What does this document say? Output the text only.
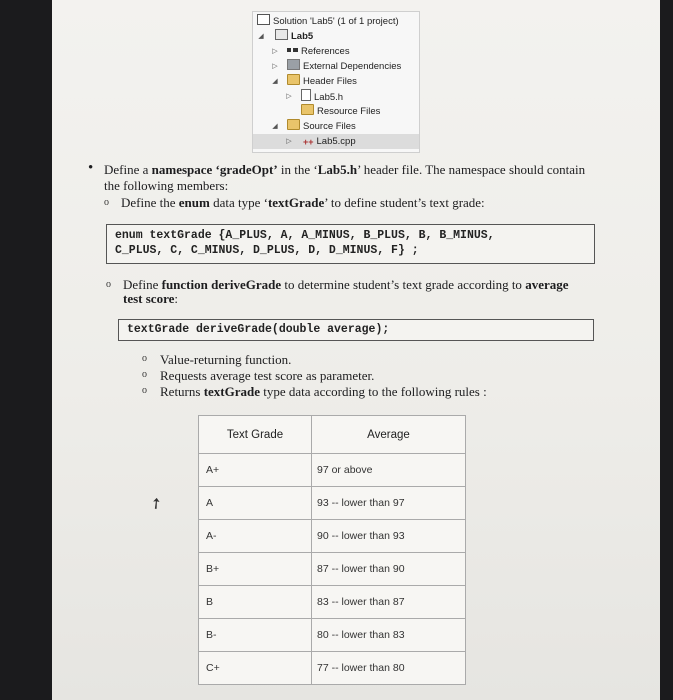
Solution 'Lab5' (1 of 1 project)
◢	Lab5
▷ References
▷	External Dependencies
◢	Header Files
▷ Lab5.h
Resource Files
◢	Source Files
▷ ++ Lab5.cpp
• Define a namespace ‘gradeOpt’ in the ‘Lab5.h’ header file. The namespace should contain
the following members:
o Define the enum data type ‘textGrade’ to define student’s text grade:
enum textGrade {A_PLUS, A, A_MINUS, B_PLUS, B, B_MINUS,
C_PLUS, C, C_MINUS, D_PLUS, D, D_MINUS, F} ;
o Define function deriveGrade to determine student’s text grade according to average
test score:
textGrade deriveGrade(double average);
o Value-returning function.
o Requests average test score as parameter.
o Returns textGrade type data according to the following rules :
➚
Text Grade	Average
A+	97 or above
A	93 -- lower than 97
A-	90 -- lower than 93
B+	87 -- lower than 90
B	83 -- lower than 87
B-	80 -- lower than 83
C+	77 -- lower than 80
